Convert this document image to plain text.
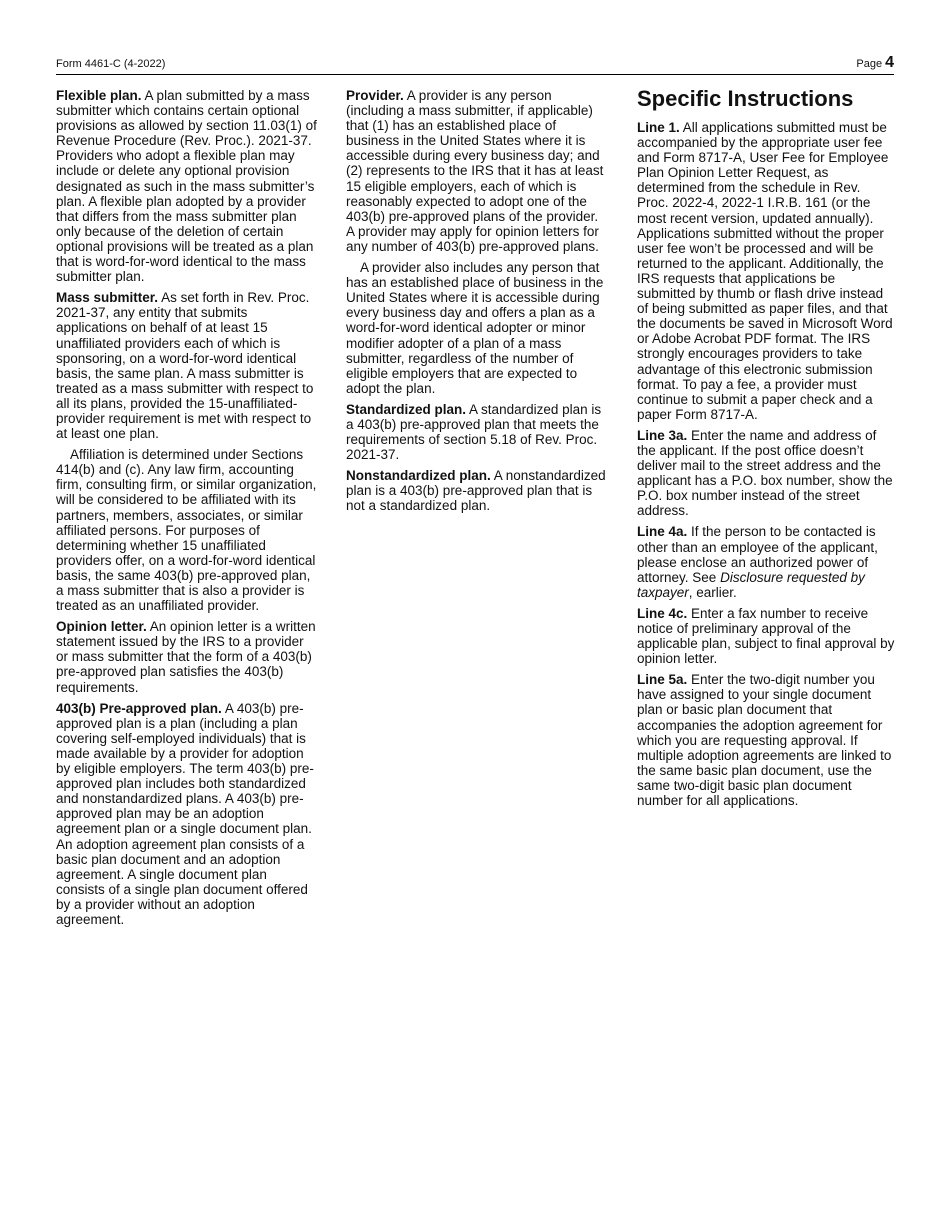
Form 4461-C (4-2022)	Page 4

Flexible plan. A plan submitted by a mass submitter which contains certain optional provisions as allowed by section 11.03(1) of Revenue Procedure (Rev. Proc.). 2021-37. Providers who adopt a flexible plan may include or delete any optional provision designated as such in the mass submitter’s plan. A flexible plan adopted by a provider that differs from the mass submitter plan only because of the deletion of certain optional provisions will be treated as a plan that is word-for-word identical to the mass submitter plan.

Mass submitter. As set forth in Rev. Proc. 2021-37, any entity that submits applications on behalf of at least 15 unaffiliated providers each of which is sponsoring, on a word-for-word identical basis, the same plan. A mass submitter is treated as a mass submitter with respect to all its plans, provided the 15-unaffiliated-provider requirement is met with respect to at least one plan.

Affiliation is determined under Sections 414(b) and (c). Any law firm, accounting firm, consulting firm, or similar organization, will be considered to be affiliated with its partners, members, associates, or similar affiliated persons. For purposes of determining whether 15 unaffiliated providers offer, on a word-for-word identical basis, the same 403(b) pre-approved plan, a mass submitter that is also a provider is treated as an unaffiliated provider.

Opinion letter. An opinion letter is a written statement issued by the IRS to a provider or mass submitter that the form of a 403(b) pre-approved plan satisfies the 403(b) requirements.

403(b) Pre-approved plan. A 403(b) pre-approved plan is a plan (including a plan covering self-employed individuals) that is made available by a provider for adoption by eligible employers. The term 403(b) pre-approved plan includes both standardized and nonstandardized plans. A 403(b) pre-approved plan may be an adoption agreement plan or a single document plan. An adoption agreement plan consists of a basic plan document and an adoption agreement. A single document plan consists of a single plan document offered by a provider without an adoption agreement.

Provider. A provider is any person (including a mass submitter, if applicable) that (1) has an established place of business in the United States where it is accessible during every business day; and (2) represents to the IRS that it has at least 15 eligible employers, each of which is reasonably expected to adopt one of the 403(b) pre-approved plans of the provider. A provider may apply for opinion letters for any number of 403(b) pre-approved plans.

A provider also includes any person that has an established place of business in the United States where it is accessible during every business day and offers a plan as a word-for-word identical adopter or minor modifier adopter of a plan of a mass submitter, regardless of the number of eligible employers that are expected to adopt the plan.

Standardized plan. A standardized plan is a 403(b) pre-approved plan that meets the requirements of section 5.18 of Rev. Proc. 2021-37.

Nonstandardized plan. A nonstandardized plan is a 403(b) pre-approved plan that is not a standardized plan.

Specific Instructions

Line 1. All applications submitted must be accompanied by the appropriate user fee and Form 8717-A, User Fee for Employee Plan Opinion Letter Request, as determined from the schedule in Rev. Proc. 2022-4, 2022-1 I.R.B. 161 (or the most recent version, updated annually). Applications submitted without the proper user fee won’t be processed and will be returned to the applicant. Additionally, the IRS requests that applications be submitted by thumb or flash drive instead of being submitted as paper files, and that the documents be saved in Microsoft Word or Adobe Acrobat PDF format. The IRS strongly encourages providers to take advantage of this electronic submission format. To pay a fee, a provider must continue to submit a paper check and a paper Form 8717-A.

Line 3a. Enter the name and address of the applicant. If the post office doesn’t deliver mail to the street address and the applicant has a P.O. box number, show the P.O. box number instead of the street address.

Line 4a. If the person to be contacted is other than an employee of the applicant, please enclose an authorized power of attorney. See Disclosure requested by taxpayer, earlier.

Line 4c. Enter a fax number to receive notice of preliminary approval of the applicable plan, subject to final approval by opinion letter.

Line 5a. Enter the two-digit number you have assigned to your single document plan or basic plan document that accompanies the adoption agreement for which you are requesting approval. If multiple adoption agreements are linked to the same basic plan document, use the same two-digit basic plan document number for all applications.
